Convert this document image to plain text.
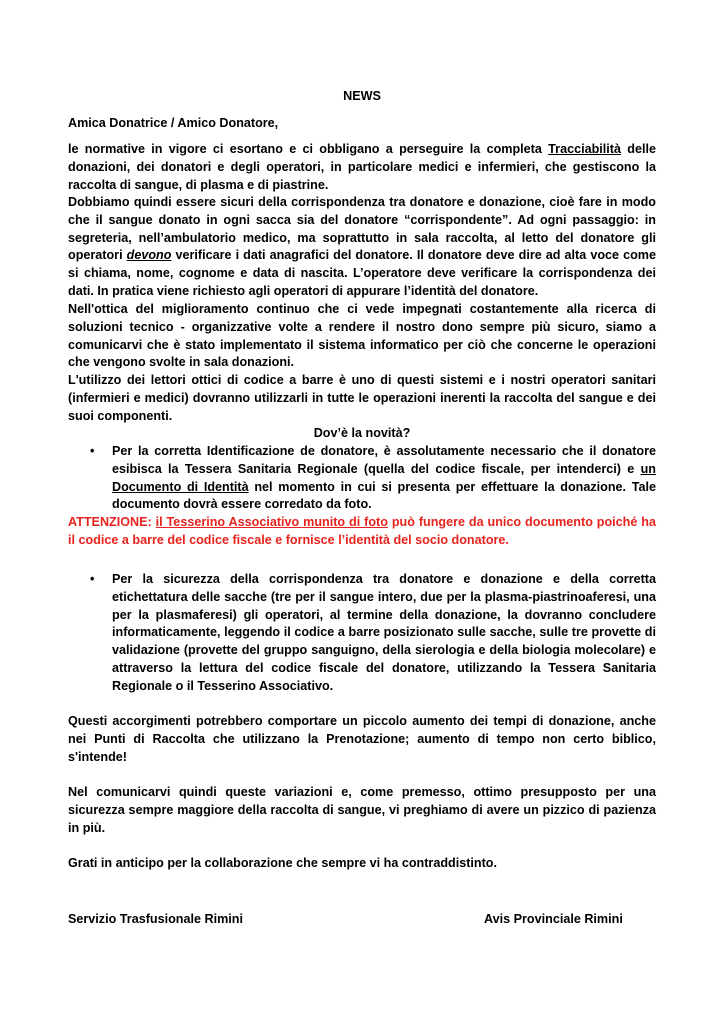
NEWS

Amica Donatrice / Amico Donatore,

le normative in vigore ci esortano e ci obbligano a perseguire la completa Tracciabilità delle donazioni, dei donatori e degli operatori, in particolare medici e infermieri, che gestiscono la raccolta di sangue, di plasma e di piastrine.

Dobbiamo quindi essere sicuri della corrispondenza tra donatore e donazione, cioè fare in modo che il sangue donato in ogni sacca sia del donatore “corrispondente”. Ad ogni passaggio: in segreteria, nell’ambulatorio medico, ma soprattutto in sala raccolta, al letto del donatore gli operatori devono verificare i dati anagrafici del donatore. Il donatore deve dire ad alta voce come si chiama, nome, cognome e data di nascita. L’operatore deve verificare la corrispondenza dei dati. In pratica viene richiesto agli operatori di appurare l’identità del donatore.

Nell'ottica del miglioramento continuo che ci vede impegnati costantemente alla ricerca di soluzioni tecnico - organizzative volte a rendere il nostro dono sempre più sicuro, siamo a comunicarvi che è stato implementato il sistema informatico per ciò che concerne le operazioni che vengono svolte in sala donazioni.

L'utilizzo dei lettori ottici di codice a barre è uno di questi sistemi e i nostri operatori sanitari (infermieri e medici) dovranno utilizzarli in tutte le operazioni inerenti la raccolta del sangue e dei suoi componenti.

Dov’è la novità?

•	Per la corretta Identificazione de donatore, è assolutamente necessario che il donatore esibisca la Tessera Sanitaria Regionale (quella del codice fiscale, per intenderci) e un Documento di Identità nel momento in cui si presenta per effettuare la donazione. Tale documento dovrà essere corredato da foto.

ATTENZIONE: il Tesserino Associativo munito di foto può fungere da unico documento poiché ha il codice a barre del codice fiscale e fornisce l’identità del socio donatore.

•	Per la sicurezza della corrispondenza tra donatore e donazione e della corretta etichettatura delle sacche (tre per il sangue intero, due per la plasma-piastrinoaferesi, una per la plasmaferesi) gli operatori, al termine della donazione, la dovranno concludere informaticamente, leggendo il codice a barre posizionato sulle sacche, sulle tre provette di validazione (provette del gruppo sanguigno, della sierologia e della biologia molecolare) e attraverso la lettura del codice fiscale del donatore, utilizzando la Tessera Sanitaria Regionale o il Tesserino Associativo.

Questi accorgimenti potrebbero comportare un piccolo aumento dei tempi di donazione, anche nei Punti di Raccolta che utilizzano la Prenotazione; aumento di tempo non certo biblico, s'intende!

Nel comunicarvi quindi queste variazioni e, come premesso, ottimo presupposto per una sicurezza sempre maggiore della raccolta di sangue, vi preghiamo di avere un pizzico di pazienza in più.

Grati in anticipo per la collaborazione che sempre vi ha contraddistinto.

Servizio Trasfusionale Rimini	Avis Provinciale Rimini
